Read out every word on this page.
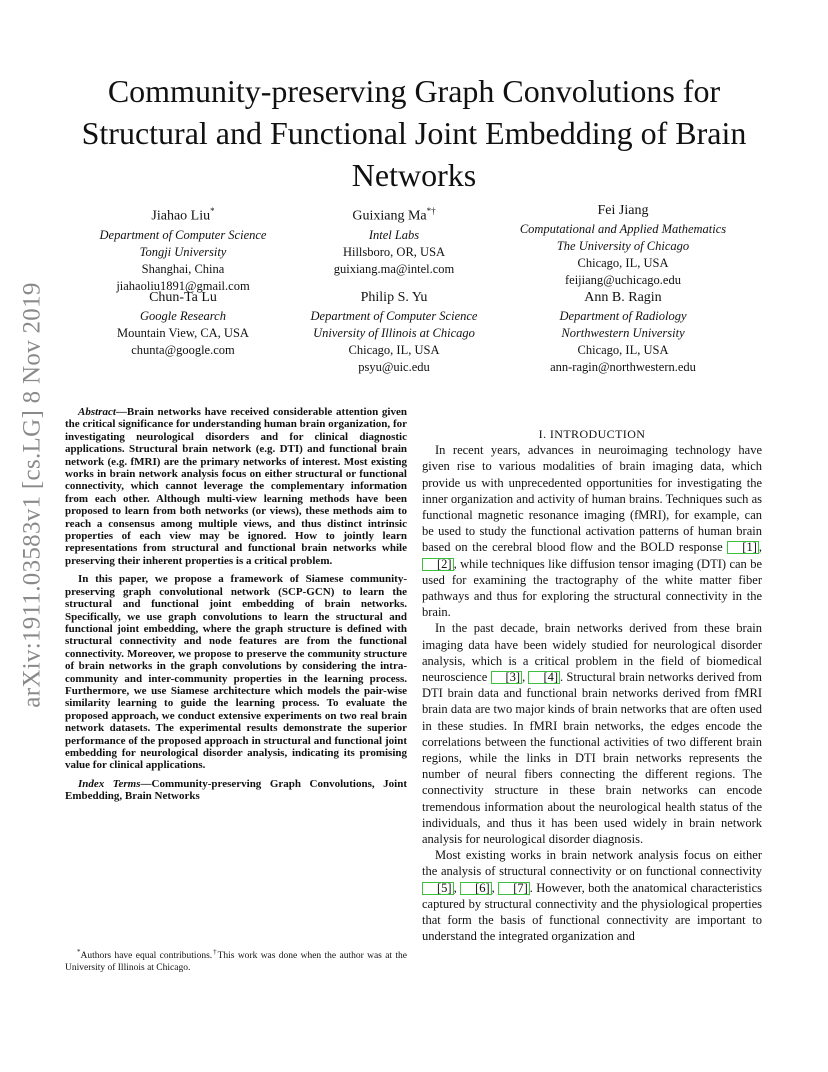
arXiv:1911.03583v1 [cs.LG] 8 Nov 2019
Community-preserving Graph Convolutions for Structural and Functional Joint Embedding of Brain Networks
Jiahao Liu*
Department of Computer Science
Tongji University
Shanghai, China
jiahaoliu1891@gmail.com
Guixiang Ma*†
Intel Labs
Hillsboro, OR, USA
guixiang.ma@intel.com
Fei Jiang
Computational and Applied Mathematics
The University of Chicago
Chicago, IL, USA
feijiang@uchicago.edu
Chun-Ta Lu
Google Research
Mountain View, CA, USA
chunta@google.com
Philip S. Yu
Department of Computer Science
University of Illinois at Chicago
Chicago, IL, USA
psyu@uic.edu
Ann B. Ragin
Department of Radiology
Northwestern University
Chicago, IL, USA
ann-ragin@northwestern.edu

Abstract—Brain networks have received considerable attention given the critical significance for understanding human brain organization, for investigating neurological disorders and for clinical diagnostic applications. Structural brain network (e.g. DTI) and functional brain network (e.g. fMRI) are the primary networks of interest. Most existing works in brain network analysis focus on either structural or functional connectivity, which cannot leverage the complementary information from each other. Although multi-view learning methods have been proposed to learn from both networks (or views), these methods aim to reach a consensus among multiple views, and thus distinct intrinsic properties of each view may be ignored. How to jointly learn representations from structural and functional brain networks while preserving their inherent properties is a critical problem.

In this paper, we propose a framework of Siamese community-preserving graph convolutional network (SCP-GCN) to learn the structural and functional joint embedding of brain networks. Specifically, we use graph convolutions to learn the structural and functional joint embedding, where the graph structure is defined with structural connectivity and node features are from the functional connectivity. Moreover, we propose to preserve the community structure of brain networks in the graph convolutions by considering the intra-community and inter-community properties in the learning process. Furthermore, we use Siamese architecture which models the pair-wise similarity learning to guide the learning process. To evaluate the proposed approach, we conduct extensive experiments on two real brain network datasets. The experimental results demonstrate the superior performance of the proposed approach in structural and functional joint embedding for neurological disorder analysis, indicating its promising value for clinical applications.

Index Terms—Community-preserving Graph Convolutions, Joint Embedding, Brain Networks

*Authors have equal contributions.†This work was done when the author was at the University of Illinois at Chicago.

I. INTRODUCTION

In recent years, advances in neuroimaging technology have given rise to various modalities of brain imaging data, which provide us with unprecedented opportunities for investigating the inner organization and activity of human brains. Techniques such as functional magnetic resonance imaging (fMRI), for example, can be used to study the functional activation patterns of human brain based on the cerebral blood flow and the BOLD response [1] , [2] , while techniques like diffusion tensor imaging (DTI) can be used for examining the tractography of the white matter fiber pathways and thus for exploring the structural connectivity in the brain.

In the past decade, brain networks derived from these brain imaging data have been widely studied for neurological disorder analysis, which is a critical problem in the field of biomedical neuroscience [3] , [4] . Structural brain networks derived from DTI brain data and functional brain networks derived from fMRI brain data are two major kinds of brain networks that are often used in these studies. In fMRI brain networks, the edges encode the correlations between the functional activities of two different brain regions, while the links in DTI brain networks represents the number of neural fibers connecting the different regions. The connectivity structure in these brain networks can encode tremendous information about the neurological health status of the individuals, and thus it has been used widely in brain network analysis for neurological disorder diagnosis.

Most existing works in brain network analysis focus on either the analysis of structural connectivity or on functional connectivity [5] , [6] , [7] . However, both the anatomical characteristics captured by structural connectivity and the physiological properties that form the basis of functional connectivity are important to understand the integrated organization and
